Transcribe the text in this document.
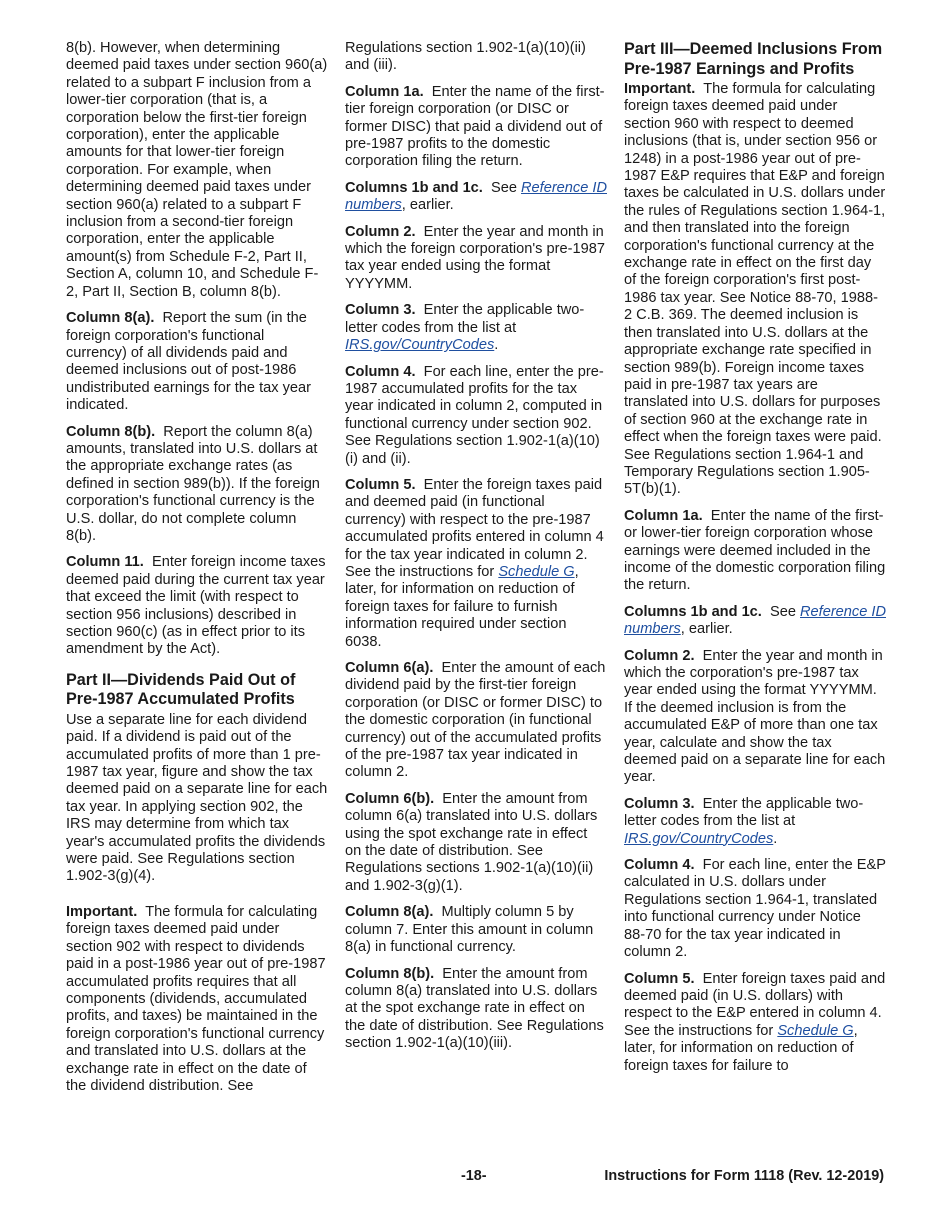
8(b). However, when determining deemed paid taxes under section 960(a) related to a subpart F inclusion from a lower-tier corporation (that is, a corporation below the first-tier foreign corporation), enter the applicable amounts for that lower-tier foreign corporation. For example, when determining deemed paid taxes under section 960(a) related to a subpart F inclusion from a second-tier foreign corporation, enter the applicable amount(s) from Schedule F-2, Part II, Section A, column 10, and Schedule F-2, Part II, Section B, column 8(b).

Column 8(a). Report the sum (in the foreign corporation's functional currency) of all dividends paid and deemed inclusions out of post-1986 undistributed earnings for the tax year indicated.

Column 8(b). Report the column 8(a) amounts, translated into U.S. dollars at the appropriate exchange rates (as defined in section 989(b)). If the foreign corporation's functional currency is the U.S. dollar, do not complete column 8(b).

Column 11. Enter foreign income taxes deemed paid during the current tax year that exceed the limit (with respect to section 956 inclusions) described in section 960(c) (as in effect prior to its amendment by the Act).

Part II—Dividends Paid Out of Pre-1987 Accumulated Profits

Use a separate line for each dividend paid. If a dividend is paid out of the accumulated profits of more than 1 pre-1987 tax year, figure and show the tax deemed paid on a separate line for each tax year. In applying section 902, the IRS may determine from which tax year's accumulated profits the dividends were paid. See Regulations section 1.902-3(g)(4).

Important. The formula for calculating foreign taxes deemed paid under section 902 with respect to dividends paid in a post-1986 year out of pre-1987 accumulated profits requires that all components (dividends, accumulated profits, and taxes) be maintained in the foreign corporation's functional currency and translated into U.S. dollars at the exchange rate in effect on the date of the dividend distribution. See

Regulations section 1.902-1(a)(10)(ii) and (iii).

Column 1a. Enter the name of the first-tier foreign corporation (or DISC or former DISC) that paid a dividend out of pre-1987 profits to the domestic corporation filing the return.

Columns 1b and 1c. See Reference ID numbers, earlier.

Column 2. Enter the year and month in which the foreign corporation's pre-1987 tax year ended using the format YYYYMM.

Column 3. Enter the applicable two-letter codes from the list at IRS.gov/CountryCodes.

Column 4. For each line, enter the pre-1987 accumulated profits for the tax year indicated in column 2, computed in functional currency under section 902. See Regulations section 1.902-1(a)(10)(i) and (ii).

Column 5. Enter the foreign taxes paid and deemed paid (in functional currency) with respect to the pre-1987 accumulated profits entered in column 4 for the tax year indicated in column 2. See the instructions for Schedule G, later, for information on reduction of foreign taxes for failure to furnish information required under section 6038.

Column 6(a). Enter the amount of each dividend paid by the first-tier foreign corporation (or DISC or former DISC) to the domestic corporation (in functional currency) out of the accumulated profits of the pre-1987 tax year indicated in column 2.

Column 6(b). Enter the amount from column 6(a) translated into U.S. dollars using the spot exchange rate in effect on the date of distribution. See Regulations sections 1.902-1(a)(10)(ii) and 1.902-3(g)(1).

Column 8(a). Multiply column 5 by column 7. Enter this amount in column 8(a) in functional currency.

Column 8(b). Enter the amount from column 8(a) translated into U.S. dollars at the spot exchange rate in effect on the date of distribution. See Regulations section 1.902-1(a)(10)(iii).

Part III—Deemed Inclusions From Pre-1987 Earnings and Profits

Important. The formula for calculating foreign taxes deemed paid under section 960 with respect to deemed inclusions (that is, under section 956 or 1248) in a post-1986 year out of pre-1987 E&P requires that E&P and foreign taxes be calculated in U.S. dollars under the rules of Regulations section 1.964-1, and then translated into the foreign corporation's functional currency at the exchange rate in effect on the first day of the foreign corporation's first post-1986 tax year. See Notice 88-70, 1988-2 C.B. 369. The deemed inclusion is then translated into U.S. dollars at the appropriate exchange rate specified in section 989(b). Foreign income taxes paid in pre-1987 tax years are translated into U.S. dollars for purposes of section 960 at the exchange rate in effect when the foreign taxes were paid. See Regulations section 1.964-1 and Temporary Regulations section 1.905-5T(b)(1).

Column 1a. Enter the name of the first- or lower-tier foreign corporation whose earnings were deemed included in the income of the domestic corporation filing the return.

Columns 1b and 1c. See Reference ID numbers, earlier.

Column 2. Enter the year and month in which the corporation's pre-1987 tax year ended using the format YYYYMM. If the deemed inclusion is from the accumulated E&P of more than one tax year, calculate and show the tax deemed paid on a separate line for each year.

Column 3. Enter the applicable two-letter codes from the list at IRS.gov/CountryCodes.

Column 4. For each line, enter the E&P calculated in U.S. dollars under Regulations section 1.964-1, translated into functional currency under Notice 88-70 for the tax year indicated in column 2.

Column 5. Enter foreign taxes paid and deemed paid (in U.S. dollars) with respect to the E&P entered in column 4. See the instructions for Schedule G, later, for information on reduction of foreign taxes for failure to

-18-	Instructions for Form 1118 (Rev. 12-2019)
